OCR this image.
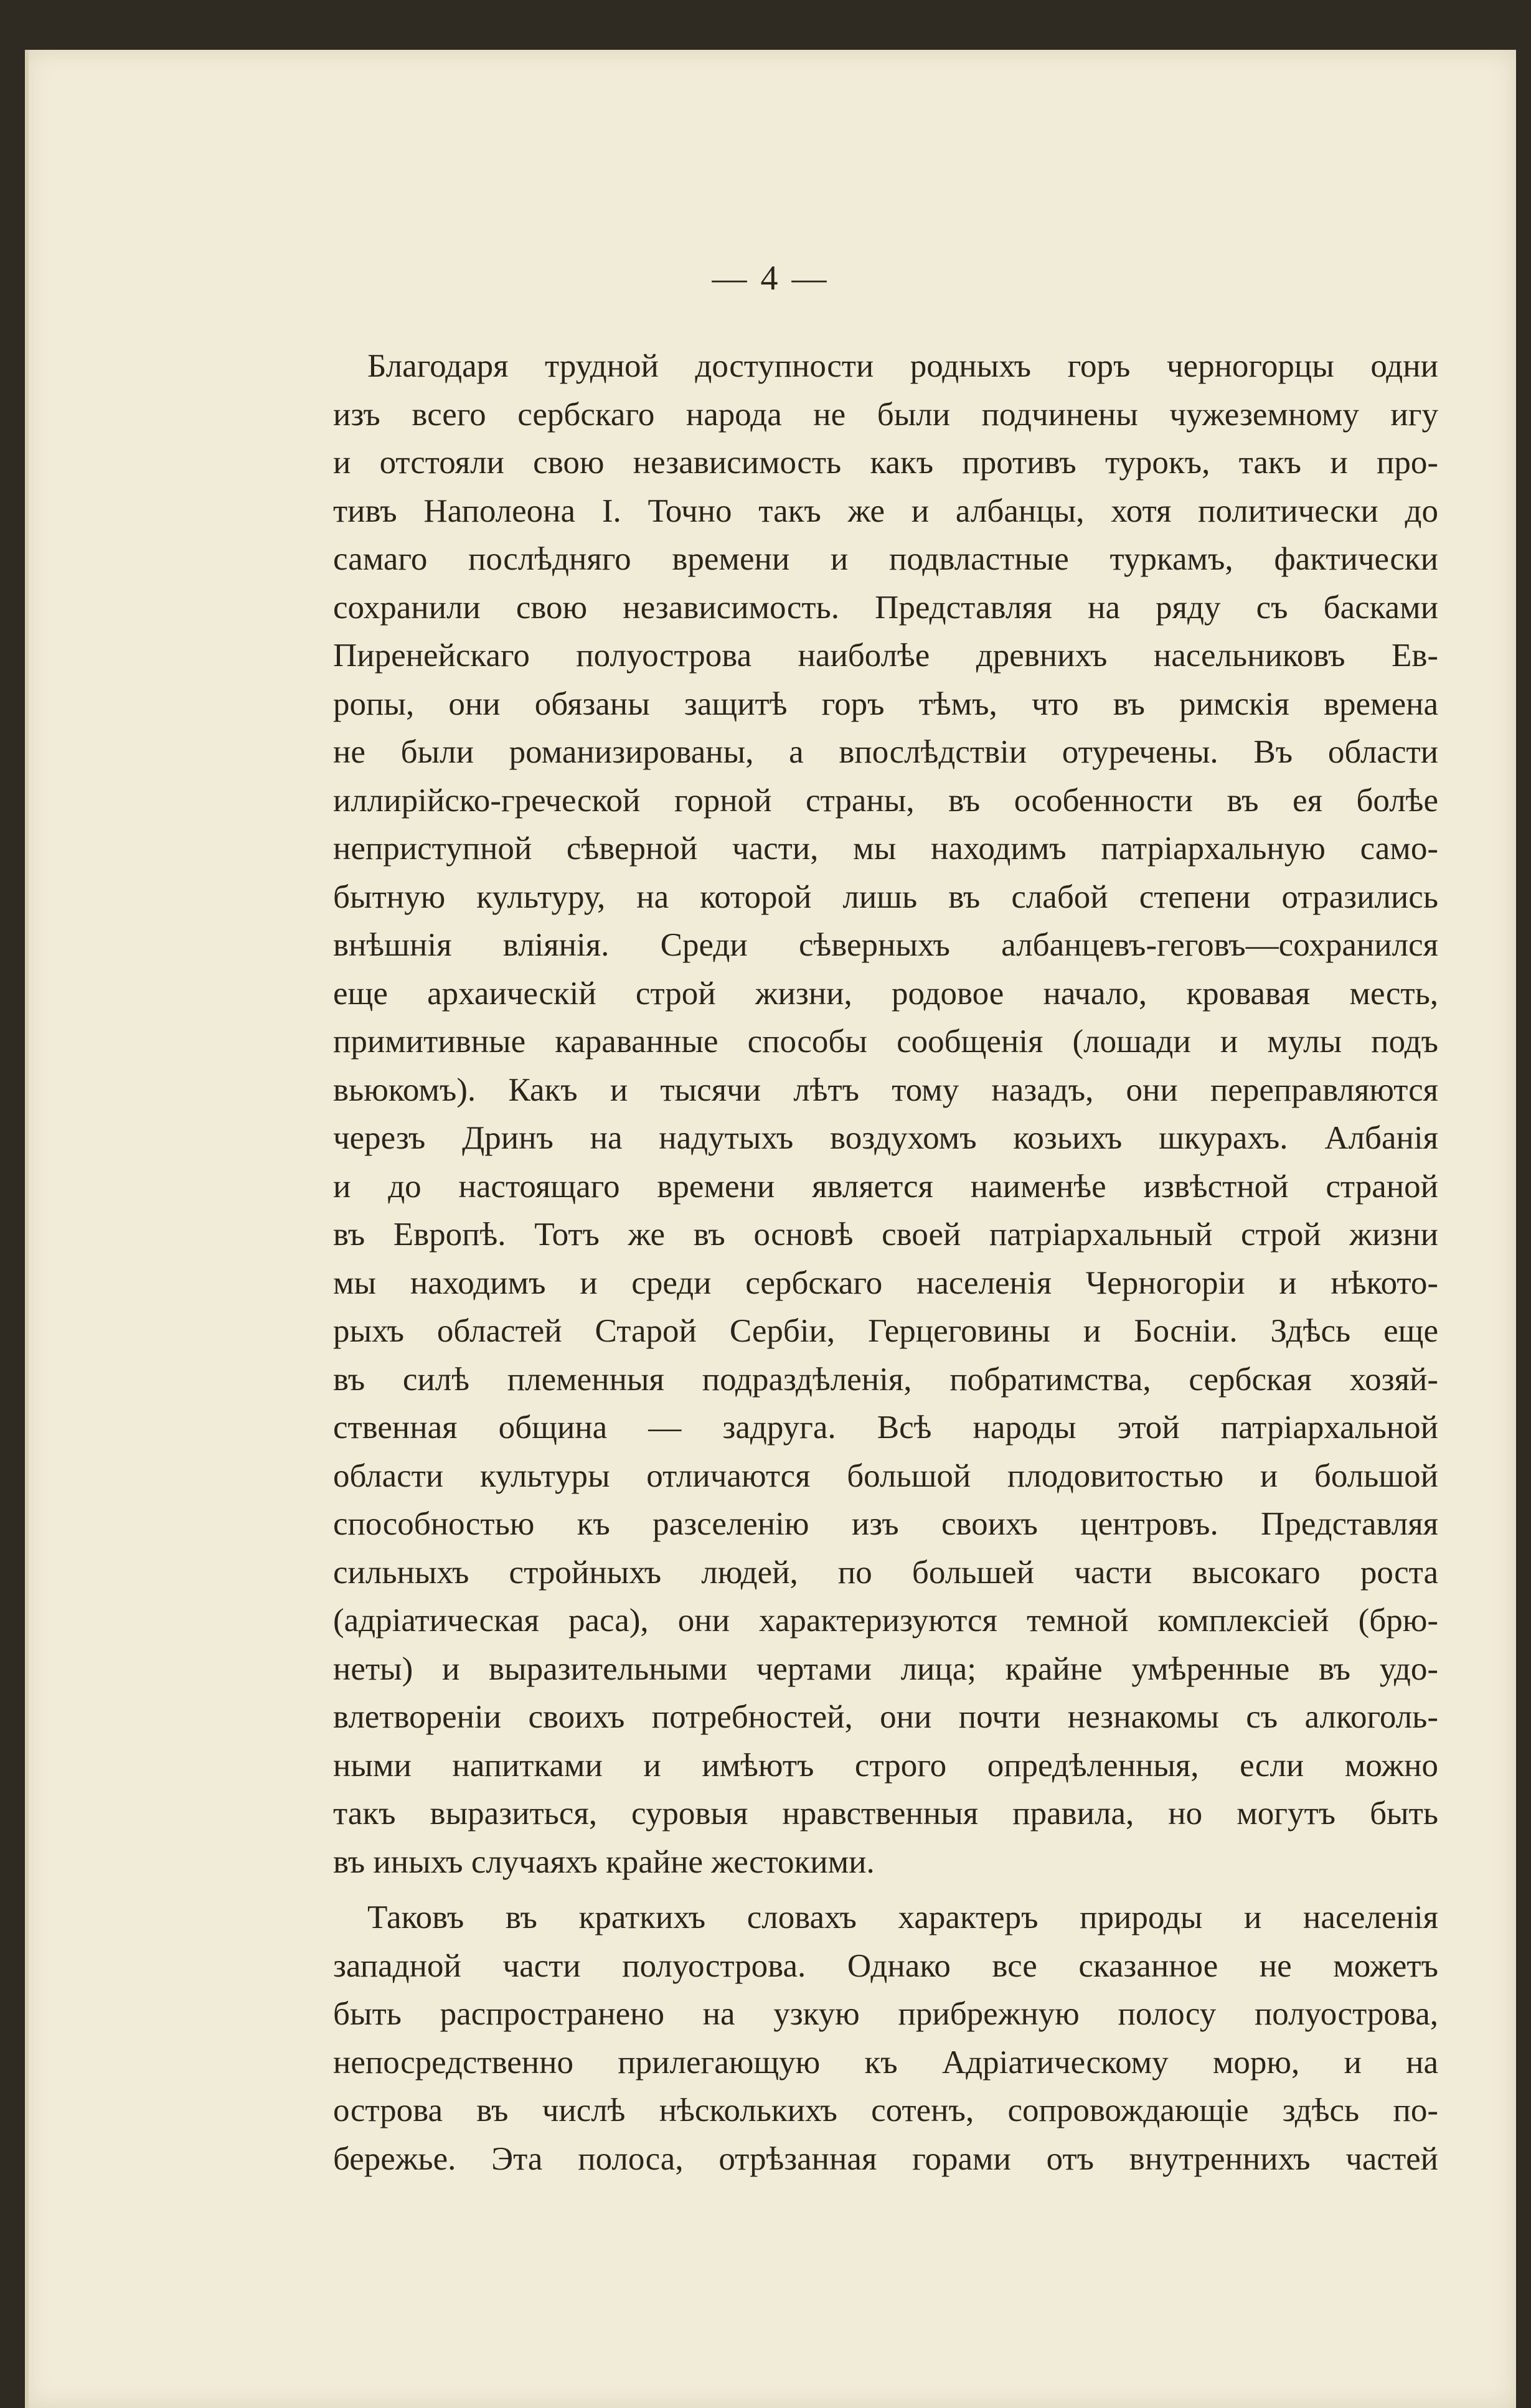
— 4 —
Благодаря трудной доступности родныхъ горъ черногорцы одни
изъ всего сербскаго народа не были подчинены чужеземному игу
и отстояли свою независимость какъ противъ турокъ, такъ и про-
тивъ Наполеона I. Точно такъ же и албанцы, хотя политически до
самаго послѣдняго времени и подвластные туркамъ, фактически
сохранили свою независимость. Представляя на ряду съ басками
Пиренейскаго полуострова наиболѣе древнихъ насельниковъ Ев-
ропы, они обязаны защитѣ горъ тѣмъ, что въ римскія времена
не были романизированы, а впослѣдствіи отуречены. Въ области
иллирійско-греческой горной страны, въ особенности въ ея болѣе
неприступной сѣверной части, мы находимъ патріархальную само-
бытную культуру, на которой лишь въ слабой степени отразились
внѣшнія вліянія. Среди сѣверныхъ албанцевъ-геговъ—сохранился
еще архаическій строй жизни, родовое начало, кровавая месть,
примитивные караванные способы сообщенія (лошади и мулы подъ
вьюкомъ). Какъ и тысячи лѣтъ тому назадъ, они переправляются
черезъ Дринъ на надутыхъ воздухомъ козьихъ шкурахъ. Албанія
и до настоящаго времени является наименѣе извѣстной страной
въ Европѣ. Тотъ же въ основѣ своей патріархальный строй жизни
мы находимъ и среди сербскаго населенія Черногоріи и нѣкото-
рыхъ областей Старой Сербіи, Герцеговины и Босніи. Здѣсь еще
въ силѣ племенныя подраздѣленія, побратимства, сербская хозяй-
ственная община — задруга. Всѣ народы этой патріархальной
области культуры отличаются большой плодовитостью и большой
способностью къ разселенію изъ своихъ центровъ. Представляя
сильныхъ стройныхъ людей, по большей части высокаго роста
(адріатическая раса), они характеризуются темной комплексіей (брю-
неты) и выразительными чертами лица; крайне умѣренные въ удо-
влетвореніи своихъ потребностей, они почти незнакомы съ алкоголь-
ными напитками и имѣютъ строго опредѣленныя, если можно
такъ выразиться, суровыя нравственныя правила, но могутъ быть
въ иныхъ случаяхъ крайне жестокими.
Таковъ въ краткихъ словахъ характеръ природы и населенія
западной части полуострова. Однако все сказанное не можетъ
быть распространено на узкую прибрежную полосу полуострова,
непосредственно прилегающую къ Адріатическому морю, и на
острова въ числѣ нѣсколькихъ сотенъ, сопровождающіе здѣсь по-
бережье. Эта полоса, отрѣзанная горами отъ внутреннихъ частей
